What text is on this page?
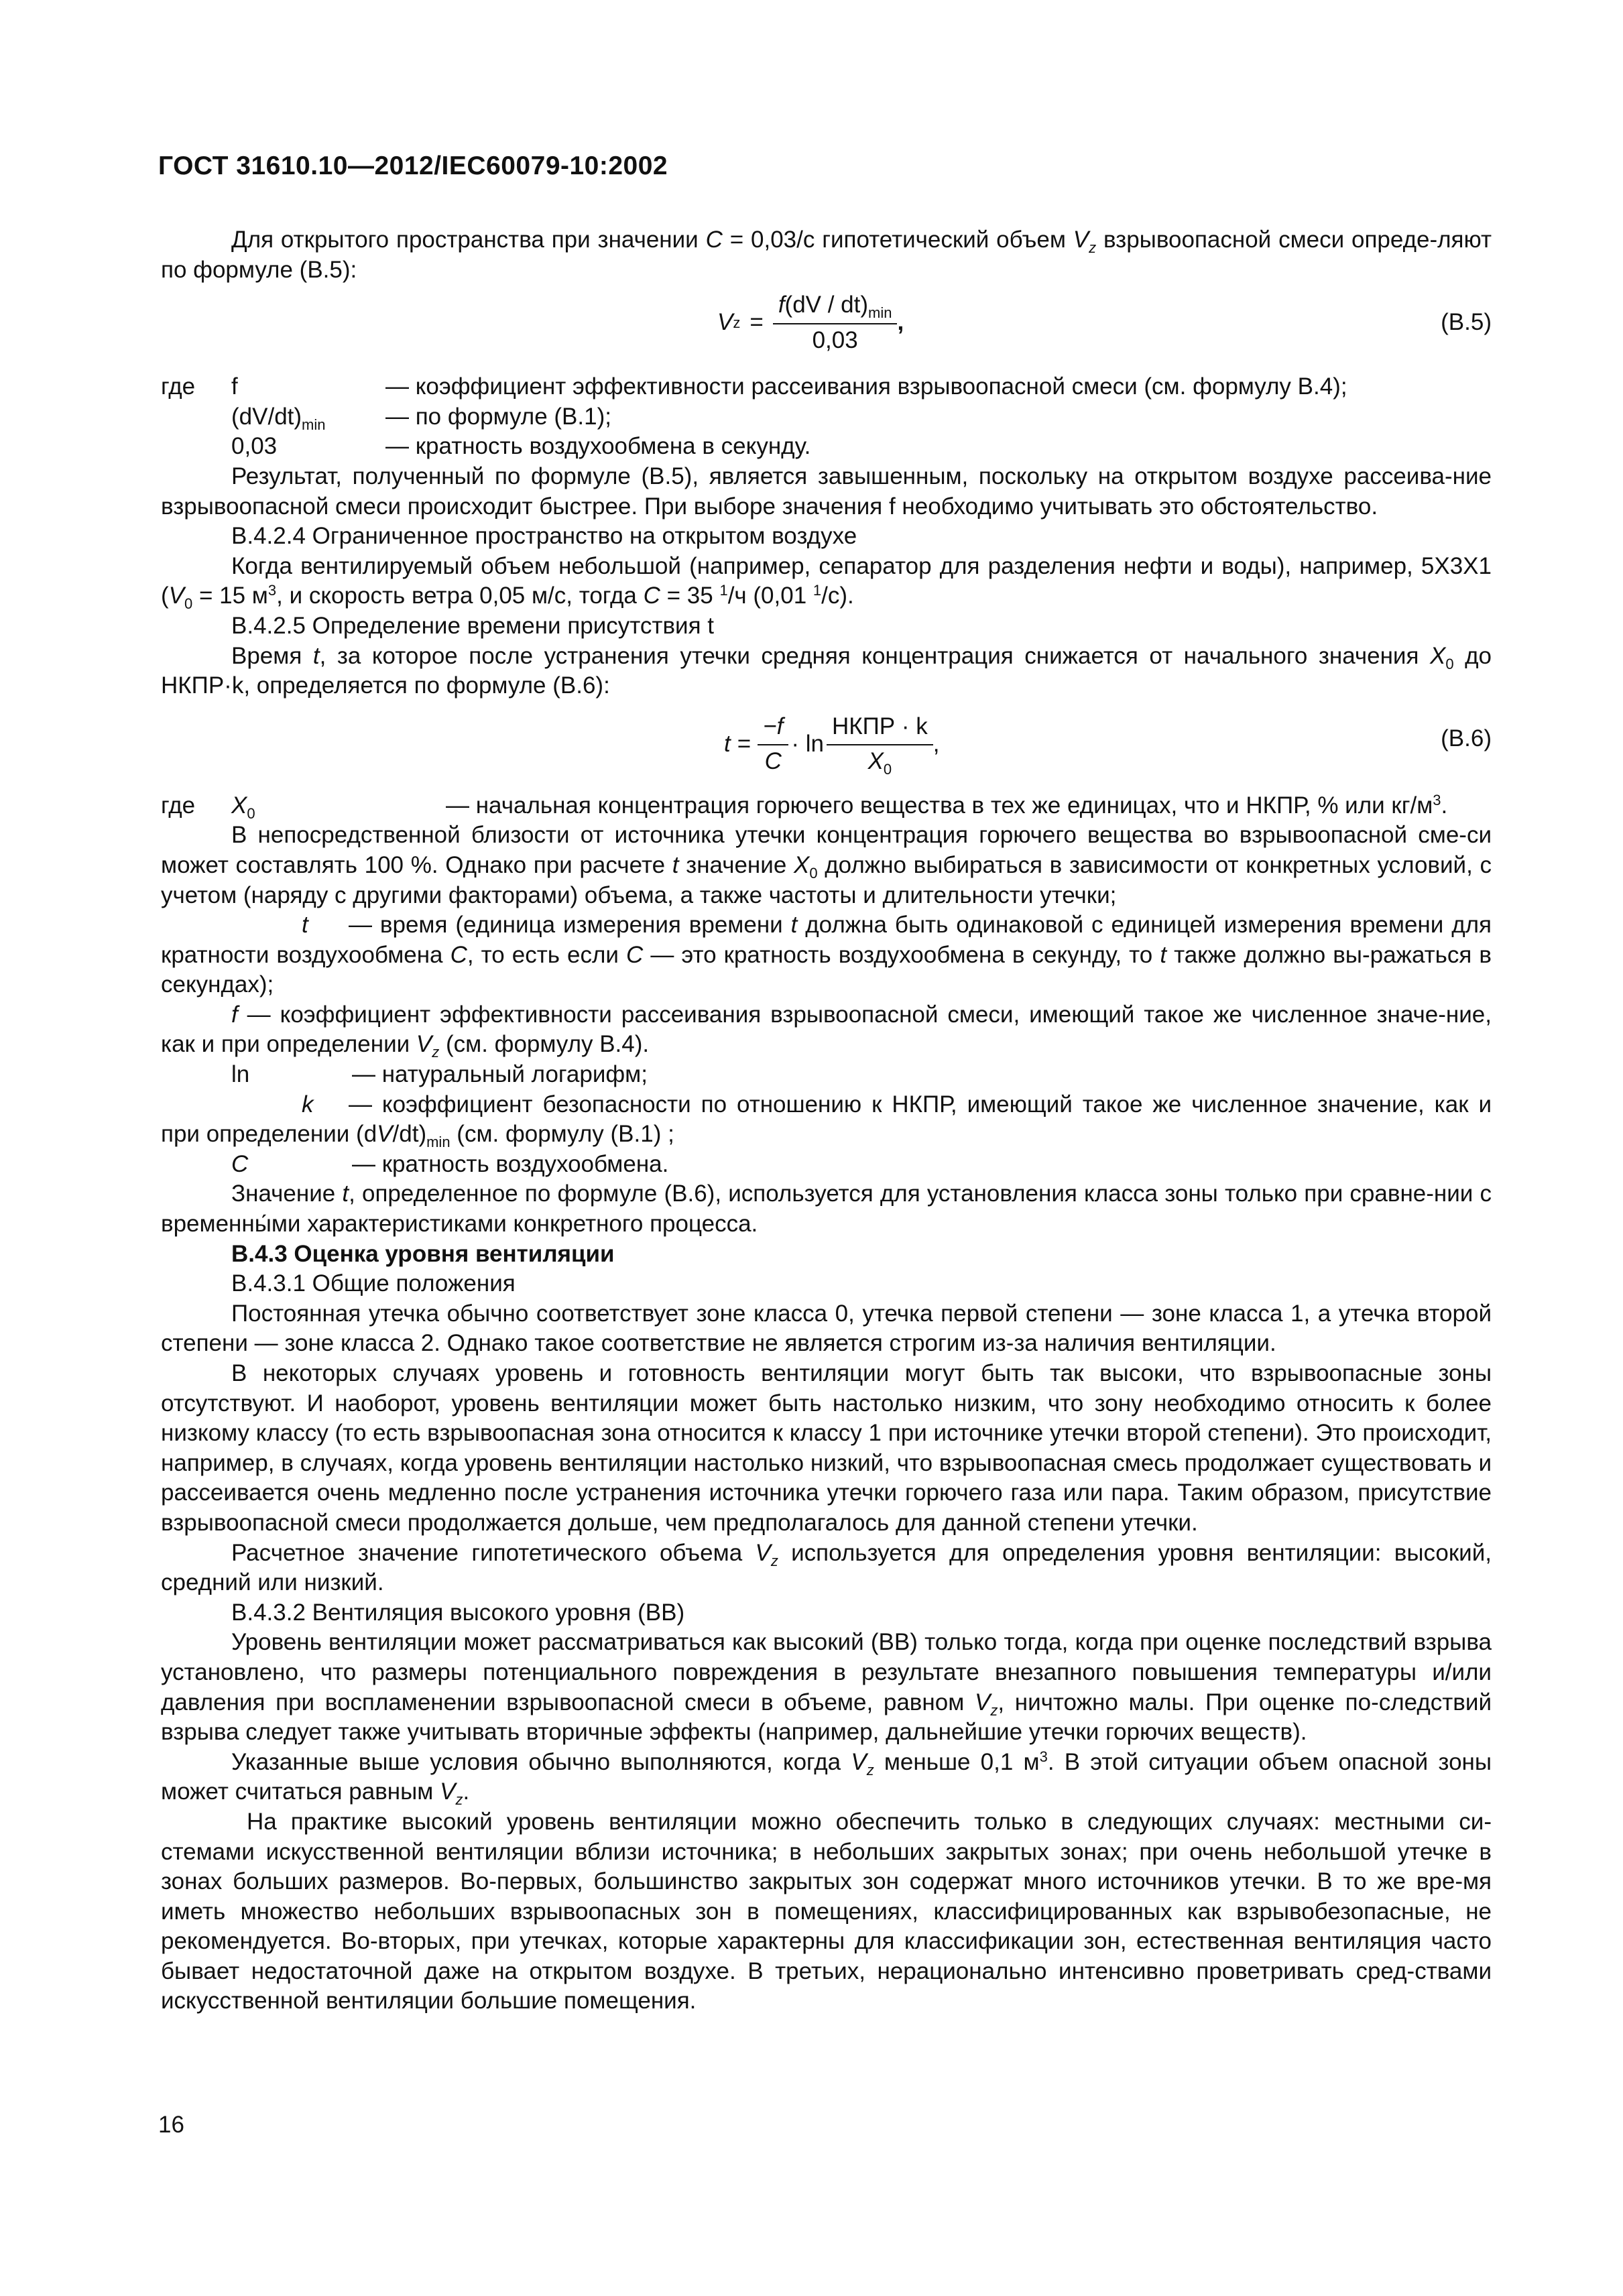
ГОСТ 31610.10—2012/IEC60079-10:2002

Для открытого пространства при значении C = 0,03/с гипотетический объем $V_z$ взрывоопасной смеси опреде-ляют по формуле (В.5):

V $z = \frac{f(dV / dt)_{min}}{0,03}$ ,	(В.5)
где	f	— коэффициент эффективности рассеивания взрывоопасной смеси (см. формулу В.4);
$(dV/dt)_{min}$	— по формуле (В.1);
0,03	— кратность воздухообмена в секунду.

Результат, полученный по формуле (В.5), является завышенным, поскольку на открытом воздухе рассеива-ние взрывоопасной смеси происходит быстрее. При выборе значения f необходимо учитывать это обстоятельство.

В.4.2.4 Ограниченное пространство на открытом воздухе

Когда вентилируемый объем небольшой (например, сепаратор для разделения нефти и воды), например, 5Х3Х1 ($V_0 = 15$ $м^3$, и скорость ветра 0,05 м/с, тогда C = 35 $^1$/ч (0,01 $^1$/с).

В.4.2.5 Определение времени присутствия t

Время t, за которое после устранения утечки средняя концентрация снижается от начального значения $X_0$ до НКПР·k, определяется по формуле (В.6):

$t = \frac{-f}{C} \cdot \ln \frac{\text{НКПР · k}}{X_0}$ ,	(В.6)
где	$X_0$	— начальная концентрация горючего вещества в тех же единицах, что и НКПР, % или $кг/м^3$.

В непосредственной близости от источника утечки концентрация горючего вещества во взрывоопасной сме-си может составлять 100 %. Однако при расчете t значение $X_0$ должно выбираться в зависимости от конкретных условий, с учетом (наряду с другими факторами) объема, а также частоты и длительности утечки;

t — время (единица измерения времени t должна быть одинаковой с единицей измерения времени для кратности воздухообмена C, то есть если C — это кратность воздухообмена в секунду, то t также должно вы-ражаться в секундах);

f — коэффициент эффективности рассеивания взрывоопасной смеси, имеющий такое же численное значе-ние, как и при определении $V_z$ (см. формулу В.4).

ln	— натуральный логарифм;

k — коэффициент безопасности по отношению к НКПР, имеющий такое же численное значение, как и при определении $(dV/dt)_{min}$ (см. формулу (В.1) ;

C	— кратность воздухообмена.

Значение t, определенное по формуле (В.6), используется для установления класса зоны только при сравне-нии с временны́ми характеристиками конкретного процесса.

В.4.3 Оценка уровня вентиляции

В.4.3.1 Общие положения

Постоянная утечка обычно соответствует зоне класса 0, утечка первой степени — зоне класса 1, а утечка второй степени — зоне класса 2. Однако такое соответствие не является строгим из-за наличия вентиляции.

В некоторых случаях уровень и готовность вентиляции могут быть так высоки, что взрывоопасные зоны отсутствуют. И наоборот, уровень вентиляции может быть настолько низким, что зону необходимо относить к более низкому классу (то есть взрывоопасная зона относится к классу 1 при источнике утечки второй степени). Это происходит, например, в случаях, когда уровень вентиляции настолько низкий, что взрывоопасная смесь продолжает существовать и рассеивается очень медленно после устранения источника утечки горючего газа или пара. Таким образом, присутствие взрывоопасной смеси продолжается дольше, чем предполагалось для данной степени утечки.

Расчетное значение гипотетического объема $V_z$ используется для определения уровня вентиляции: высокий, средний или низкий.

В.4.3.2 Вентиляция высокого уровня (ВВ)

Уровень вентиляции может рассматриваться как высокий (ВВ) только тогда, когда при оценке последствий взрыва установлено, что размеры потенциального повреждения в результате внезапного повышения температуры и/или давления при воспламенении взрывоопасной смеси в объеме, равном $V_z$, ничтожно малы. При оценке по-следствий взрыва следует также учитывать вторичные эффекты (например, дальнейшие утечки горючих веществ).

Указанные выше условия обычно выполняются, когда $V_z$ меньше 0,1 $м^3$. В этой ситуации объем опасной зоны может считаться равным $V_z$.

На практике высокий уровень вентиляции можно обеспечить только в следующих случаях: местными си-стемами искусственной вентиляции вблизи источника; в небольших закрытых зонах; при очень небольшой утечке в зонах больших размеров. Во-первых, большинство закрытых зон содержат много источников утечки. В то же вре-мя иметь множество небольших взрывоопасных зон в помещениях, классифицированных как взрывобезопасные, не рекомендуется. Во-вторых, при утечках, которые характерны для классификации зон, естественная вентиляция часто бывает недостаточной даже на открытом воздухе. В третьих, нерационально интенсивно проветривать сред-ствами искусственной вентиляции большие помещения.

16
